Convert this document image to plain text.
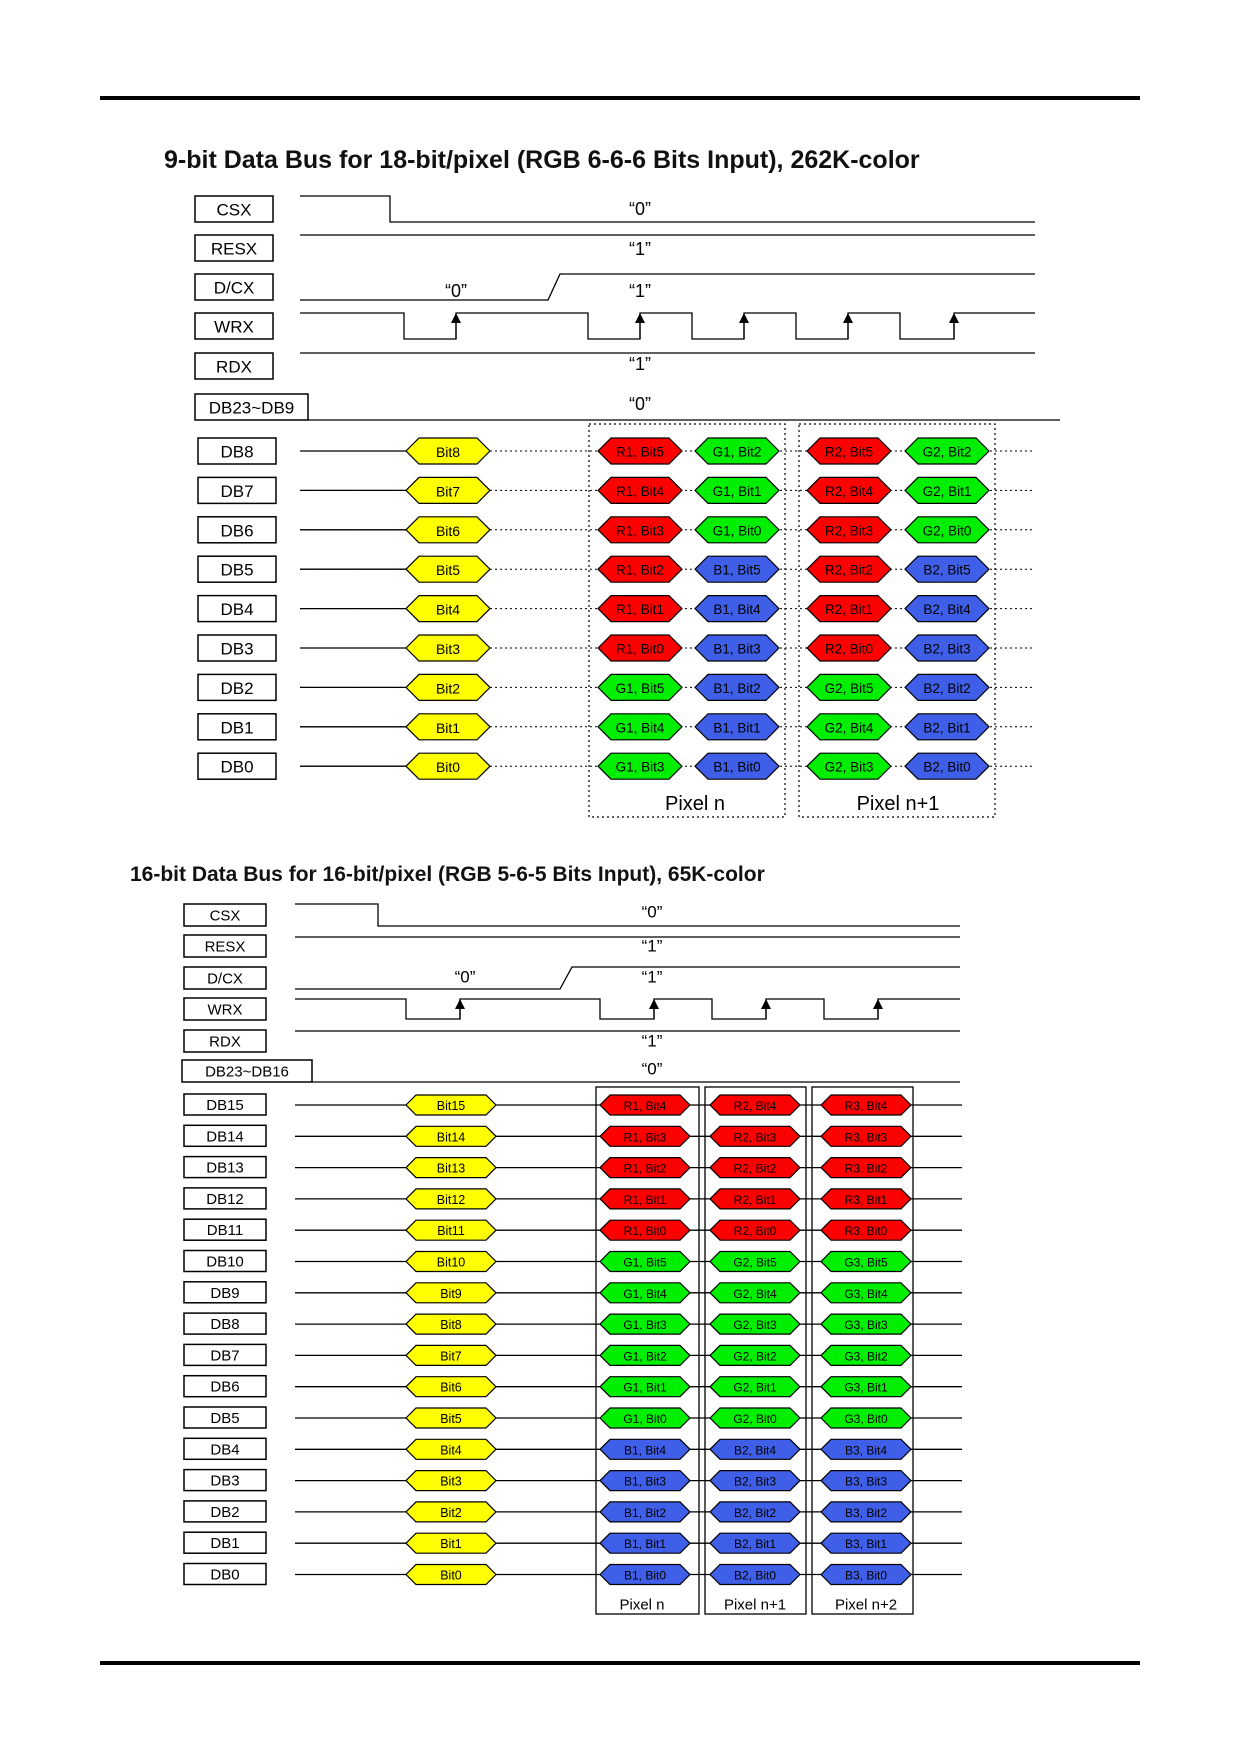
9-bit Data Bus for 18-bit/pixel (RGB 6-6-6 Bits Input), 262K-color
16-bit Data Bus for 16-bit/pixel (RGB 5-6-5 Bits Input), 65K-color
CSX	“0”
RESX	“1”
D/CX	“0”	“1”
WRX
RDX	“1”
DB23~DB9	“0”
Pixel n	Pixel n+1
DB8	Bit8	R1, Bit5	G1, Bit2	R2, Bit5	G2, Bit2
DB7	Bit7	R1, Bit4	G1, Bit1	R2, Bit4	G2, Bit1
DB6	Bit6	R1, Bit3	G1, Bit0	R2, Bit3	G2, Bit0
DB5	Bit5	R1, Bit2	B1, Bit5	R2, Bit2	B2, Bit5
DB4	Bit4	R1, Bit1	B1, Bit4	R2, Bit1	B2, Bit4
DB3	Bit3	R1, Bit0	B1, Bit3	R2, Bit0	B2, Bit3
DB2	Bit2	G1, Bit5	B1, Bit2	G2, Bit5	B2, Bit2
DB1	Bit1	G1, Bit4	B1, Bit1	G2, Bit4	B2, Bit1
DB0	Bit0	G1, Bit3	B1, Bit0	G2, Bit3	B2, Bit0
CSX	“0”
RESX	“1”
D/CX	“0”	“1”
WRX
RDX	“1”
DB23~DB16	“0”
Pixel n	Pixel n+1	Pixel n+2
DB15	Bit15	R1, Bit4	R2, Bit4	R3, Bit4
DB14	Bit14	R1, Bit3	R2, Bit3	R3, Bit3
DB13	Bit13	R1, Bit2	R2, Bit2	R3, Bit2
DB12	Bit12	R1, Bit1	R2, Bit1	R3, Bit1
DB11	Bit11	R1, Bit0	R2, Bit0	R3, Bit0
DB10	Bit10	G1, Bit5	G2, Bit5	G3, Bit5
DB9	Bit9	G1, Bit4	G2, Bit4	G3, Bit4
DB8	Bit8	G1, Bit3	G2, Bit3	G3, Bit3
DB7	Bit7	G1, Bit2	G2, Bit2	G3, Bit2
DB6	Bit6	G1, Bit1	G2, Bit1	G3, Bit1
DB5	Bit5	G1, Bit0	G2, Bit0	G3, Bit0
DB4	Bit4	B1, Bit4	B2, Bit4	B3, Bit4
DB3	Bit3	B1, Bit3	B2, Bit3	B3, Bit3
DB2	Bit2	B1, Bit2	B2, Bit2	B3, Bit2
DB1	Bit1	B1, Bit1	B2, Bit1	B3, Bit1
DB0	Bit0	B1, Bit0	B2, Bit0	B3, Bit0
